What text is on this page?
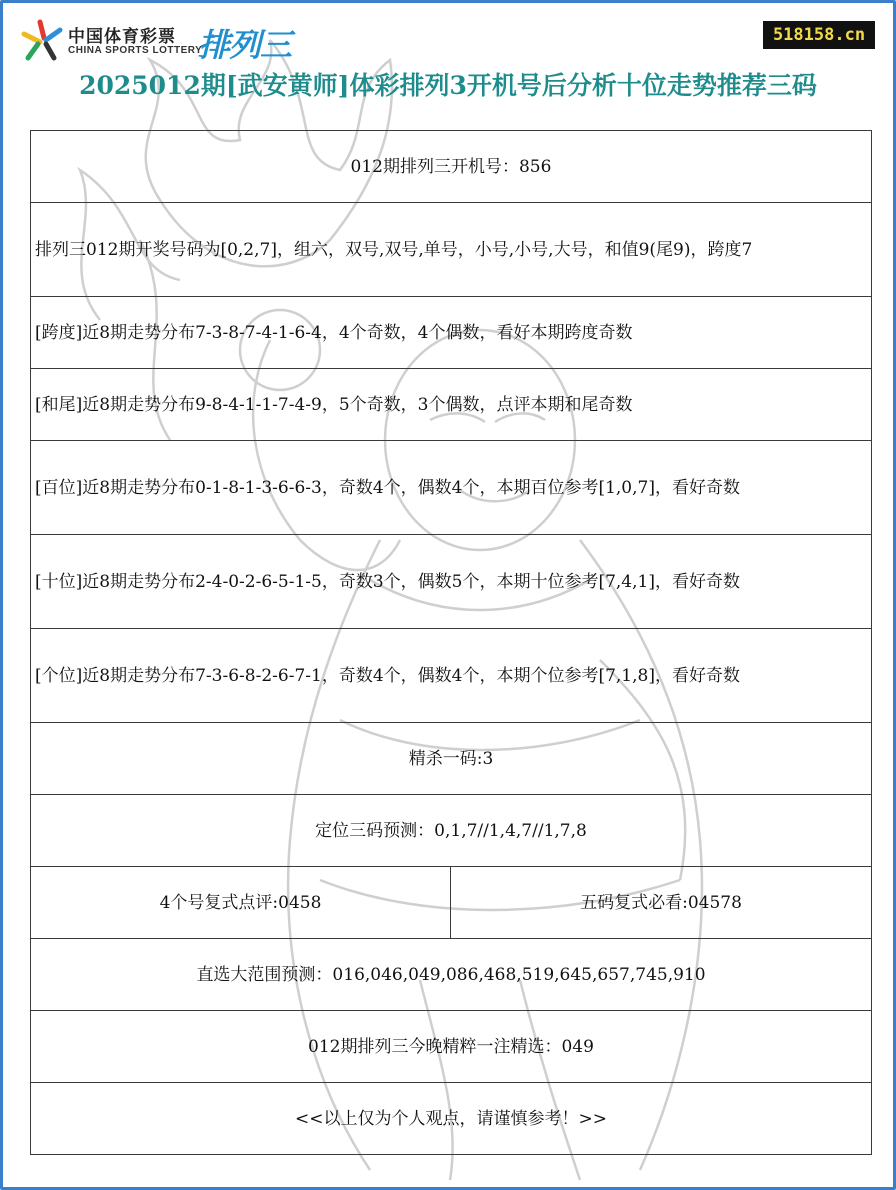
中国体育彩票
CHINA SPORTS LOTTERY
排列三	518158.cn
2025012期[武安黄师]体彩排列3开机号后分析十位走势推荐三码
012期排列三开机号：856
排列三012期开奖号码为[0,2,7]，组六，双号,双号,单号，小号,小号,大号，和值9(尾9)，跨度7
[跨度]近8期走势分布7-3-8-7-4-1-6-4，4个奇数，4个偶数，看好本期跨度奇数
[和尾]近8期走势分布9-8-4-1-1-7-4-9，5个奇数，3个偶数，点评本期和尾奇数
[百位]近8期走势分布0-1-8-1-3-6-6-3，奇数4个，偶数4个，本期百位参考[1,0,7]，看好奇数
[十位]近8期走势分布2-4-0-2-6-5-1-5，奇数3个，偶数5个，本期十位参考[7,4,1]，看好奇数
[个位]近8期走势分布7-3-6-8-2-6-7-1，奇数4个，偶数4个，本期个位参考[7,1,8]，看好奇数
精杀一码:3
定位三码预测：0,1,7//1,4,7//1,7,8
4个号复式点评:0458	五码复式必看:04578
直选大范围预测：016,046,049,086,468,519,645,657,745,910
012期排列三今晚精粹一注精选：049
<<以上仅为个人观点，请谨慎参考！>>
